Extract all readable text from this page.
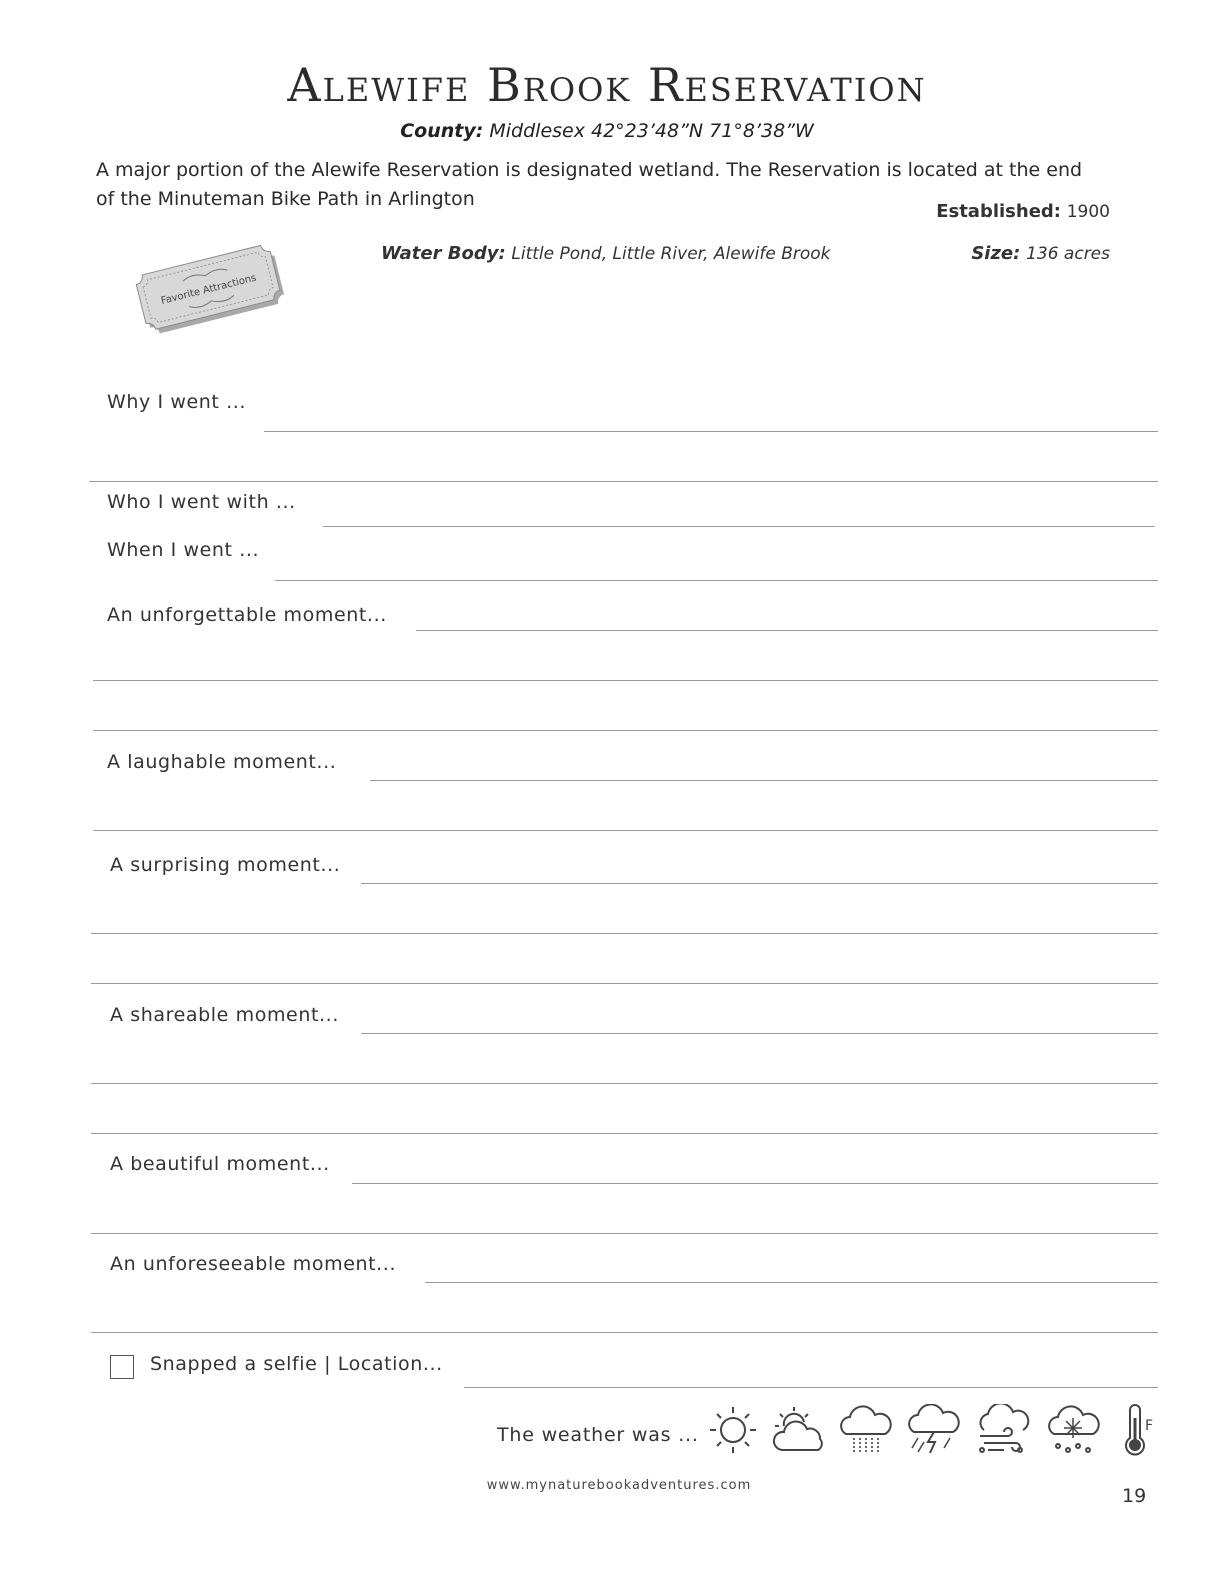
Alewife Brook Reservation
County: Middlesex 42°23’48”N 71°8’38”W
A major portion of the Alewife Reservation is designated wetland. The Reservation is located at the end of the Minuteman Bike Path in Arlington
Established: 1900
Water Body: Little Pond, Little River, Alewife Brook	Size: 136 acres
Favorite Attractions
Why I went ...
Who I went with ...
When I went ...
An unforgettable moment...
A laughable moment...
A surprising moment...
A shareable moment...
A beautiful moment...
An unforeseeable moment...
Snapped a selfie | Location...
The weather was ...	F
www.mynaturebookadventures.com	19
